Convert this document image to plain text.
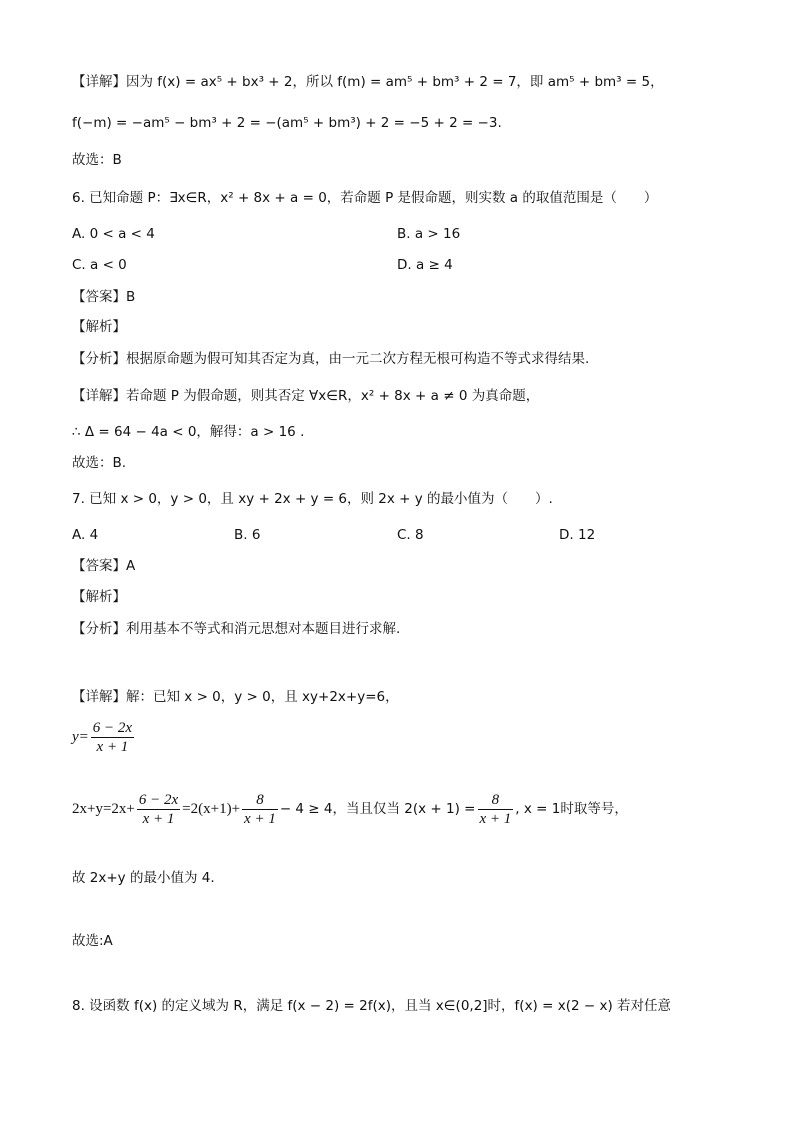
【详解】因为 f(x) = ax⁵ + bx³ + 2，所以 f(m) = am⁵ + bm³ + 2 = 7，即 am⁵ + bm³ = 5，
f(−m) = −am⁵ − bm³ + 2 = −(am⁵ + bm³) + 2 = −5 + 2 = −3.
故选：B
6. 已知命题 P：∃x∈R，x² + 8x + a = 0，若命题 P 是假命题，则实数 a 的取值范围是（　　）
A. 0 < a < 4	B. a > 16
C. a < 0	D. a ≥ 4
【答案】B
【解析】
【分析】根据原命题为假可知其否定为真，由一元二次方程无根可构造不等式求得结果.
【详解】若命题 P 为假命题，则其否定 ∀x∈R，x² + 8x + a ≠ 0 为真命题，
∴ Δ = 64 − 4a < 0，解得：a > 16 .
故选：B.
7. 已知 x > 0，y > 0，且 xy + 2x + y = 6，则 2x + y 的最小值为（　　）.
A. 4	B. 6	C. 8	D. 12
【答案】A
【解析】
【分析】利用基本不等式和消元思想对本题目进行求解.
【详解】解：已知 x > 0，y > 0，且 xy+2x+y=6，
$y= \frac{6 - 2x}{x + 1}$
$2x+y=2x+ \frac{6 - 2x}{x + 1} =2(x+1)+ \frac{8}{x + 1} - 4 \ge 4$，当且仅当 $2(x + 1) = \frac{8}{x + 1}$ , x = 1时取等号，
故 2x+y 的最小值为 4.
故选:A
8. 设函数 f(x) 的定义域为 R，满足 f(x − 2) = 2f(x)，且当 x∈(0,2]时，f(x) = x(2 − x) 若对任意
